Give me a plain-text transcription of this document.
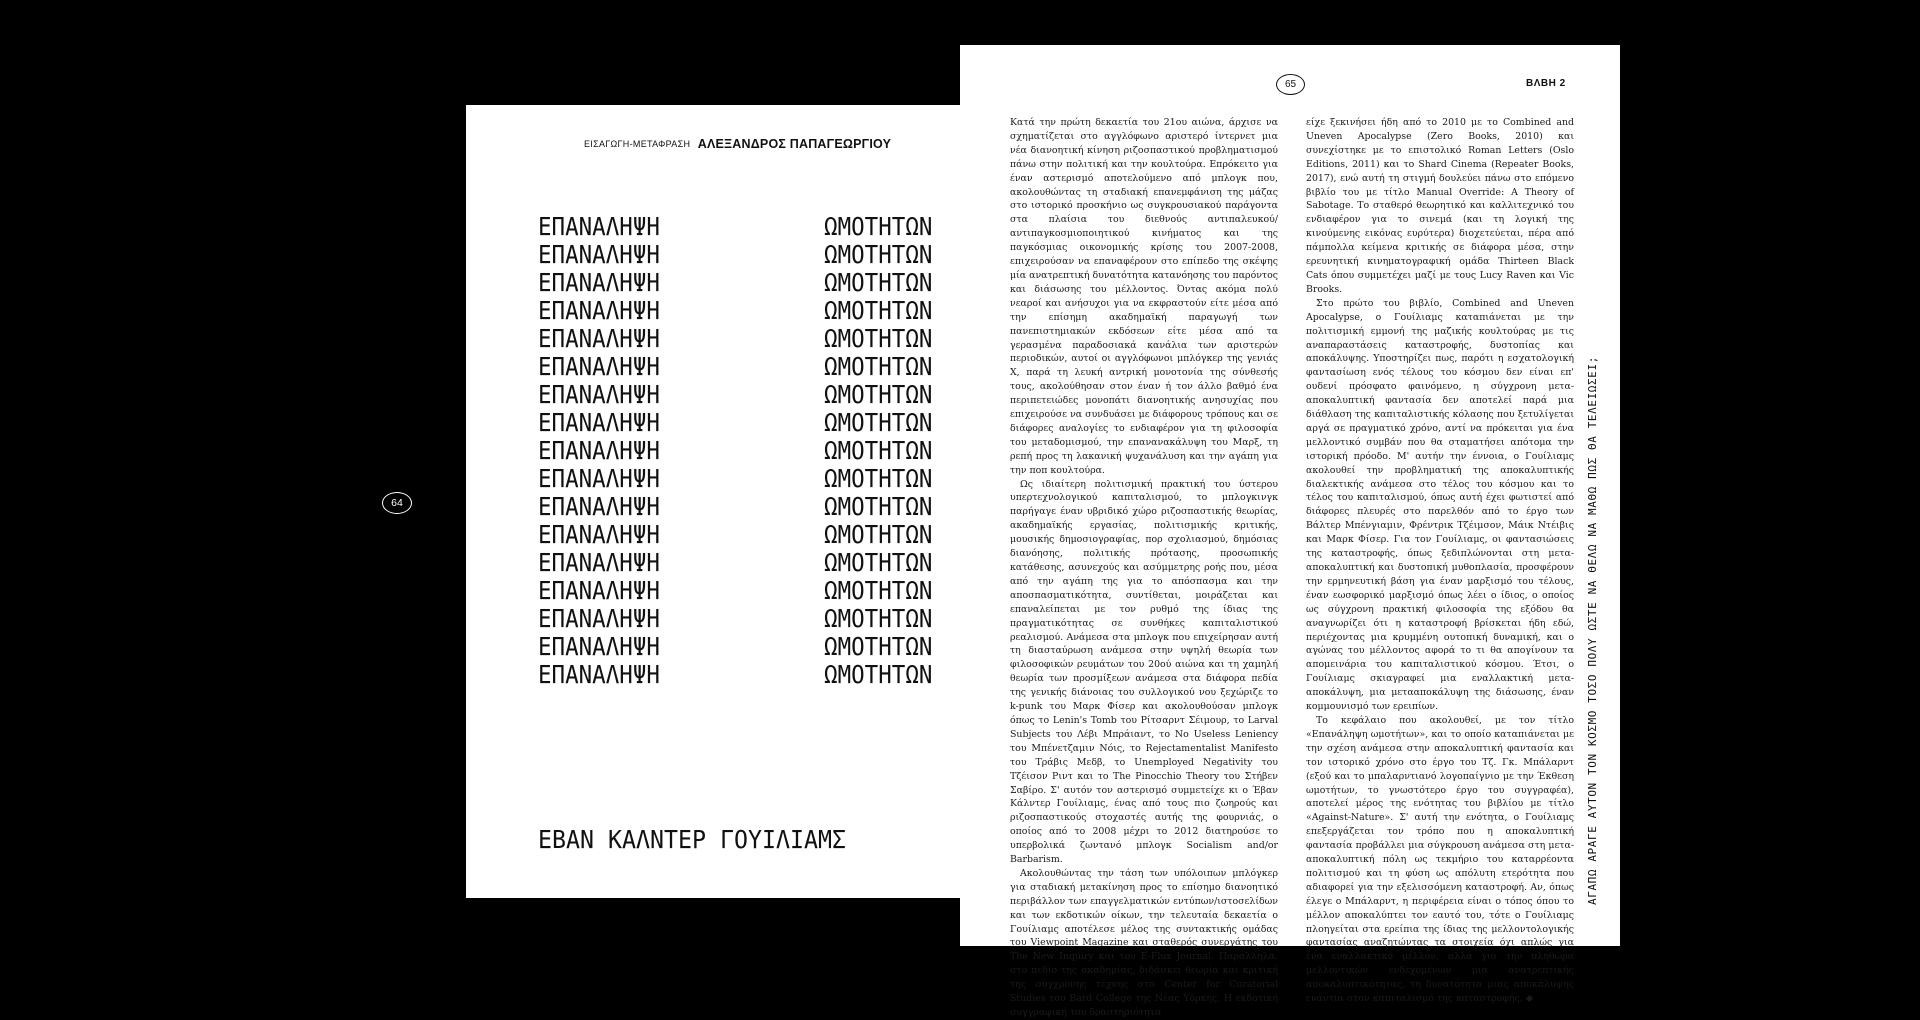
ΕΙΣΑΓΩΓΗ-ΜΕΤΑΦΡΑΣΗ ΑΛΕΞΑΝΔΡΟΣ ΠΑΠΑΓΕΩΡΓΙΟΥ
ΕΠΑΝΑΛΗΨΗ	ΩΜΟΤΗΤΩΝ
ΕΠΑΝΑΛΗΨΗ	ΩΜΟΤΗΤΩΝ
ΕΠΑΝΑΛΗΨΗ	ΩΜΟΤΗΤΩΝ
ΕΠΑΝΑΛΗΨΗ	ΩΜΟΤΗΤΩΝ
ΕΠΑΝΑΛΗΨΗ	ΩΜΟΤΗΤΩΝ
ΕΠΑΝΑΛΗΨΗ	ΩΜΟΤΗΤΩΝ
ΕΠΑΝΑΛΗΨΗ	ΩΜΟΤΗΤΩΝ
ΕΠΑΝΑΛΗΨΗ	ΩΜΟΤΗΤΩΝ
ΕΠΑΝΑΛΗΨΗ	ΩΜΟΤΗΤΩΝ
ΕΠΑΝΑΛΗΨΗ	ΩΜΟΤΗΤΩΝ
ΕΠΑΝΑΛΗΨΗ	ΩΜΟΤΗΤΩΝ
ΕΠΑΝΑΛΗΨΗ	ΩΜΟΤΗΤΩΝ
ΕΠΑΝΑΛΗΨΗ	ΩΜΟΤΗΤΩΝ
ΕΠΑΝΑΛΗΨΗ	ΩΜΟΤΗΤΩΝ
ΕΠΑΝΑΛΗΨΗ	ΩΜΟΤΗΤΩΝ
ΕΠΑΝΑΛΗΨΗ	ΩΜΟΤΗΤΩΝ
ΕΠΑΝΑΛΗΨΗ	ΩΜΟΤΗΤΩΝ
ΕΒΑΝ ΚΑΛΝΤΕΡ ΓΟΥΙΛΙΑΜΣ
64
65	ΒΛΒΗ 2

Κατά την πρώτη δεκαετία του 21ου αιώνα, άρχισε να σχηματίζεται στο αγγλόφωνο αριστερό ίντερνετ μια νέα διανοητική κίνηση ριζοσπαστικού προβληματισμού πάνω στην πολιτική και την κουλτούρα. Επρόκειτο για έναν αστερισμό αποτελούμενο από μπλογκ που, ακολουθώντας τη σταδιακή επανεμφάνιση της μάζας στο ιστορικό προσκήνιο ως συγκρουσιακού παράγοντα στα πλαίσια του διεθνούς αντιπαλευκού/αντιπαγκοσμιοποιητικού κινήματος και της παγκόσμιας οικονομικής κρίσης του 2007-2008, επιχειρούσαν να επαναφέρουν στο επίπεδο της σκέψης μία ανατρεπτική δυνατότητα κατανόησης του παρόντος και διάσωσης του μέλλοντος. Όντας ακόμα πολύ νεαροί και ανήσυχοι για να εκφραστούν είτε μέσα από την επίσημη ακαδημαϊκή παραγωγή των πανεπιστημιακών εκδόσεων είτε μέσα από τα γερασμένα παραδοσιακά κανάλια των αριστερών περιοδικών, αυτοί οι αγγλόφωνοι μπλόγκερ της γενιάς Χ, παρά τη λευκή αντρική μονοτονία της σύνθεσής τους, ακολούθησαν στον έναν ή τον άλλο βαθμό ένα περιπετειώδες μονοπάτι διανοητικής ανησυχίας που επιχειρούσε να συνδυάσει με διάφορους τρόπους και σε διάφορες αναλογίες το ενδιαφέρον για τη φιλοσοφία του μεταδομισμού, την επανανακάλυψη του Μαρξ, τη ρεπή προς τη λακανική ψυχανάλυση και την αγάπη για την ποπ κουλτούρα.

Ως ιδιαίτερη πολιτισμική πρακτική του ύστερου υπερτεχνολογικού καπιταλισμού, το μπλογκινγκ παρήγαγε έναν υβριδικό χώρο ριζοσπαστικής θεωρίας, ακαδημαϊκής εργασίας, πολιτισμικής κριτικής, μουσικής δημοσιογραφίας, πορ σχολιασμού, δημόσιας διανόησης, πολιτικής πρότασης, προσωπικής κατάθεσης, ασυνεχούς και ασύμμετρης ροής που, μέσα από την αγάπη της για το απόσπασμα και την αποσπασματικότητα, συντίθεται, μοιράζεται και επαναλείπεται με τον ρυθμό της ίδιας της πραγματικότητας σε συνθήκες καπιταλιστικού ρεαλισμού. Ανάμεσα στα μπλογκ που επιχείρησαν αυτή τη διασταύρωση ανάμεσα στην υψηλή θεωρία των φιλοσοφικών ρευμάτων του 20ού αιώνα και τη χαμηλή θεωρία των προσμίξεων ανάμεσα στα διάφορα πεδία της γενικής διάνοιας του συλλογικού νου ξεχώριζε το k-punk του Μαρκ Φίσερ και ακολουθούσαν μπλογκ όπως το Lenin's Tomb του Ρίτσαρντ Σέιμουρ, το Larval Subjects του Λέβι Μπράιαντ, το No Useless Leniency του Μπένετζαμιν Νόις, το Rejectamentalist Manifesto του Τράβις Μεδβ, το Unemployed Negativity του Τζέισον Ριντ και το The Pinocchio Theory του Στήβεν Σαβίρο. Σ' αυτόν τον αστερισμό συμμετείχε κι ο Έβαν Κάλντερ Γουίλιαμς, ένας από τους πιο ζωηρούς και ριζοσπαστικούς στοχαστές αυτής της φουρνιάς, ο οποίος από το 2008 μέχρι το 2012 διατηρούσε το υπερβολικά ζωντανό μπλογκ Socialism and/or Barbarism.

Ακολουθώντας την τάση των υπόλοιπων μπλόγκερ για σταδιακή μετακίνηση προς το επίσημο διανοητικό περιβάλλον των επαγγελματικών εντύπων/ιστοσελίδων και των εκδοτικών οίκων, την τελευταία δεκαετία ο Γουίλιαμς αποτέλεσε μέλος της συντακτικής ομάδας του Viewpoint Magazine και σταθερός συνεργάτης του The New Inquiry και του E-Flux Journal. Παράλληλα, στο πεδίο της ακαδημίας, διδάσκει θεωρία και κριτική της σύγχρονης τέχνης στο Center for Curatorial Studies του Bard College της Νέας Υόρκης. Η εκδοτική συγγραφική του δραστηριότητα

είχε ξεκινήσει ήδη από το 2010 με το Combined and Uneven Apocalypse (Zero Books, 2010) και συνεχίστηκε με το επιστολικό Roman Letters (Oslo Editions, 2011) και το Shard Cinema (Repeater Books, 2017), ενώ αυτή τη στιγμή δουλεύει πάνω στο επόμενο βιβλίο του με τίτλο Manual Override: A Theory of Sabotage. Το σταθερό θεωρητικό και καλλιτεχνικό του ενδιαφέρον για το σινεμά (και τη λογική της κινούμενης εικόνας ευρύτερα) διοχετεύεται, πέρα από πάμπολλα κείμενα κριτικής σε διάφορα μέσα, στην ερευνητική κινηματογραφική ομάδα Thirteen Black Cats όπου συμμετέχει μαζί με τους Lucy Raven και Vic Brooks.

Στο πρώτο του βιβλίο, Combined and Uneven Apocalypse, ο Γουίλιαμς καταπιάνεται με την πολιτισμική εμμονή της μαζικής κουλτούρας με τις αναπαραστάσεις καταστροφής, δυστοπίας και αποκάλυψης. Υποστηρίζει πως, παρότι η εσχατολογική φαντασίωση ενός τέλους του κόσμου δεν είναι επ' ουδενί πρόσφατο φαινόμενο, η σύγχρονη μετα-αποκαλυπτική φαντασία δεν αποτελεί παρά μια διάθλαση της καπιταλιστικής κόλασης που ξετυλίγεται αργά σε πραγματικό χρόνο, αντί να πρόκειται για ένα μελλοντικό συμβάν που θα σταματήσει απότομα την ιστορική πρόοδο. Μ' αυτήν την έννοια, ο Γουίλιαμς ακολουθεί την προβληματική της αποκαλυπτικής διαλεκτικής ανάμεσα στο τέλος του κόσμου και το τέλος του καπιταλισμού, όπως αυτή έχει φωτιστεί από διάφορες πλευρές στο παρελθόν από το έργο των Βάλτερ Μπένγιαμιν, Φρέντρικ Τζέιμσον, Μάικ Ντέιβις και Μαρκ Φίσερ. Για τον Γουίλιαμς, οι φαντασιώσεις της καταστροφής, όπως ξεδιπλώνονται στη μετα-αποκαλυπτική και δυστοπική μυθοπλασία, προσφέρουν την ερμηνευτική βάση για έναν μαρξισμό του τέλους, έναν εωσφορικό μαρξισμό όπως λέει ο ίδιος, ο οποίος ως σύγχρονη πρακτική φιλοσοφία της εξόδου θα αναγνωρίζει ότι η καταστροφή βρίσκεται ήδη εδώ, περιέχοντας μια κρυμμένη ουτοπική δυναμική, και ο αγώνας του μέλλοντος αφορά το τι θα απογίνουν τα απομεινάρια του καπιταλιστικού κόσμου. Έτσι, ο Γουίλιαμς σκιαγραφεί μια εναλλακτική μετα-αποκάλυψη, μια μετααποκάλυψη της διάσωσης, έναν κομμουνισμό των ερειπίων.

Το κεφάλαιο που ακολουθεί, με τον τίτλο «Επανάληψη ωμοτήτων», και το οποίο καταπιάνεται με την σχέση ανάμεσα στην αποκαλυπτική φαντασία και τον ιστορικό χρόνο στο έργο του Τζ. Γκ. Μπάλαρντ (εξού και το μπαλαρντιανό λογοπαίγνιο με την Έκθεση ωμοτήτων, το γνωστότερο έργο του συγγραφέα), αποτελεί μέρος της ενότητας του βιβλίου με τίτλο «Against-Nature». Σ' αυτή την ενότητα, ο Γουίλιαμς επεξεργάζεται τον τρόπο που η αποκαλυπτική φαντασία προβάλλει μια σύγκρουση ανάμεσα στη μετα-αποκαλυπτική πόλη ως τεκμήριο του καταρρέοντα πολιτισμού και τη φύση ως απόλυτη ετερότητα που αδιαφορεί για την εξελισσόμενη καταστροφή. Αν, όπως έλεγε ο Μπάλαρντ, η περιφέρεια είναι ο τόπος όπου το μέλλον αποκαλύπτει τον εαυτό του, τότε ο Γουίλιαμς πλοηγείται στα ερείπια της ίδιας της μελλοντολογικής φαντασίας αναζητώντας τα στοιχεία όχι απλώς για ένα εναλλακτικό μέλλον, αλλά για την πληθώρα μελλοντικών ενδεχομένων μια ανατρεπτικής αποκαλυπτικότητας, τη δυνατότητα μιας αποκάλυψης ενάντια στον καπιταλισμό της καταστροφής. ◆

ΑΓΑΠΩ ΑΡΑΓΕ ΑΥΤΟΝ ΤΟΝ ΚΟΣΜΟ ΤΟΣΟ ΠΟΛΥ ΩΣΤΕ ΝΑ ΘΕΛΩ ΝΑ ΜΑΘΩ ΠΩΣ ΘΑ ΤΕΛΕΙΩΣΕΙ;
